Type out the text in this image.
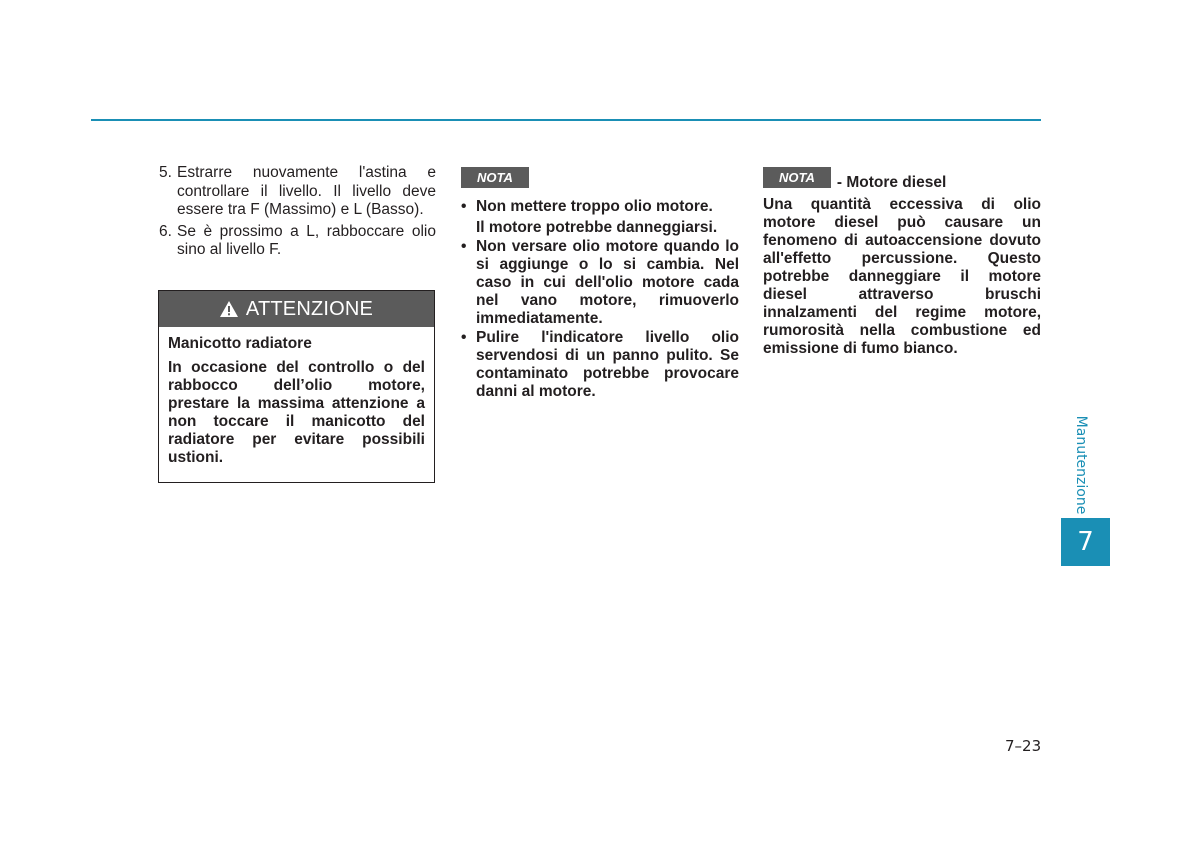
5. Estrarre nuovamente l'astina e controllare il livello. Il livello deve essere tra F (Massimo) e L (Basso).
6. Se è prossimo a L, rabboccare olio sino al livello F.
ATTENZIONE
Manicotto radiatore
In occasione del controllo o del rabbocco dell’olio motore, prestare la massima attenzione a non toccare il manicotto del radiatore per evitare possibili ustioni.
NOTA
• Non mettere troppo olio motore.
Il motore potrebbe danneggiarsi.
• Non versare olio motore quando lo si aggiunge o lo si cambia. Nel caso in cui dell'olio motore cada nel vano motore, rimuoverlo immediatamente.
• Pulire l'indicatore livello olio servendosi di un panno pulito. Se contaminato potrebbe provocare danni al motore.
NOTA	- Motore diesel
Una quantità eccessiva di olio motore diesel può causare un fenomeno di autoaccensione dovuto all'effetto percussione. Questo potrebbe danneggiare il motore diesel attraverso bruschi innalzamenti del regime motore, rumorosità nella combustione ed emissione di fumo bianco.
Manutenzione
7
7–23
